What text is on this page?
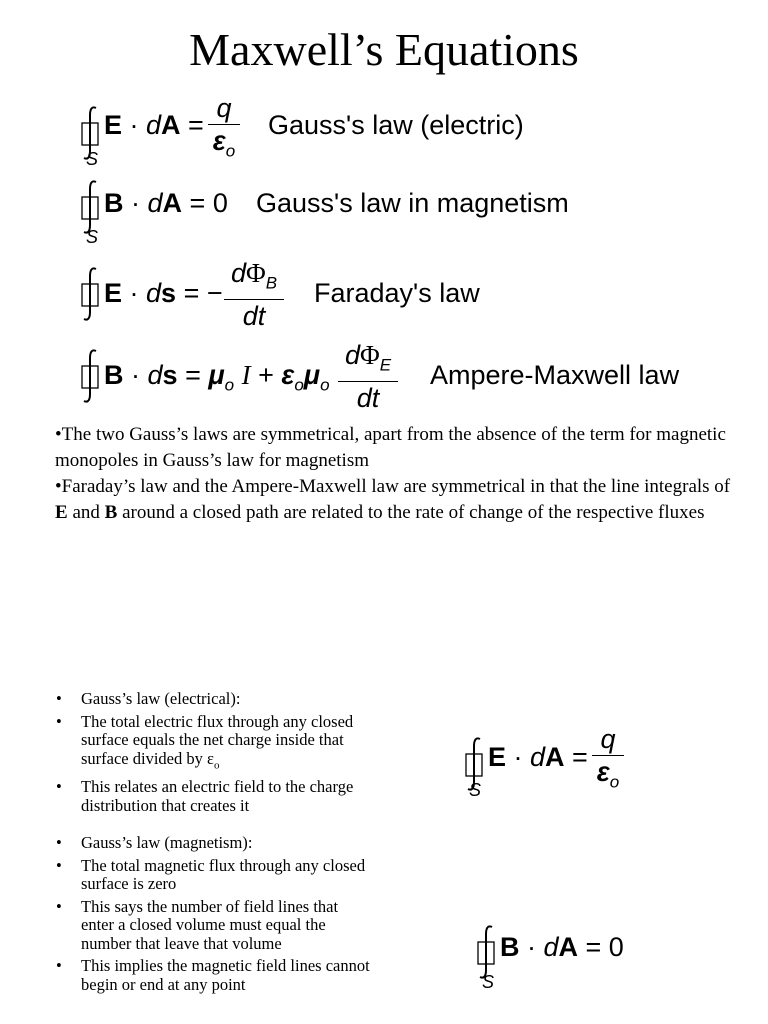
Maxwell’s Equations
S
E · dA =
q
$\varepsilon_o$
Gauss's law (electric)
S
B · dA = 0 Gauss's law in magnetism
E · ds = −
$d\Phi_B$
dt
Faraday's law
B · ds = $\mu_o$ $I + \varepsilon_o\mu_o$
$d\Phi_E$
dt
Ampere-Maxwell law
•The two Gauss’s laws are symmetrical, apart from the absence of the term for magnetic monopoles in Gauss’s law for magnetism
•Faraday’s law and the Ampere-Maxwell law are symmetrical in that the line integrals of E and B around a closed path are related to the rate of change of the respective fluxes
• Gauss’s law (electrical):
• The total electric flux through any closed surface equals the net charge inside that surface divided by $\varepsilon_o$
• This relates an electric field to the charge distribution that creates it
S
E · dA =
q
$\varepsilon_o$
• Gauss’s law (magnetism):
• The total magnetic flux through any closed surface is zero
• This says the number of field lines that enter a closed volume must equal the number that leave that volume
• This implies the magnetic field lines cannot begin or end at any point	S
B · dA = 0
